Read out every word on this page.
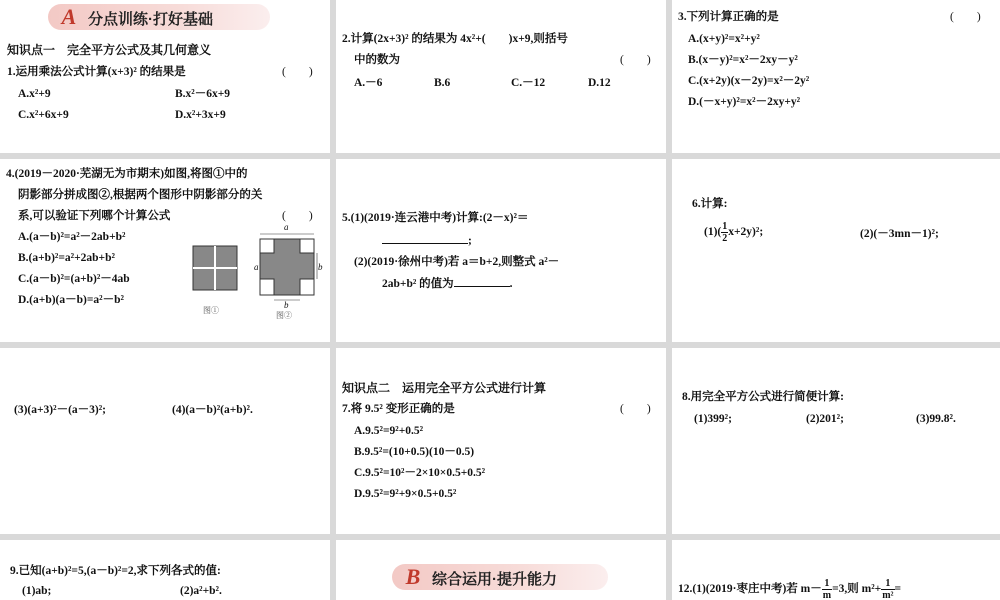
A 分点训练·打好基础
知识点一　完全平方公式及其几何意义
1.运用乘法公式计算(x+3)² 的结果是	(　　)
A.x²+9	B.x²－6x+9
C.x²+6x+9	D.x²+3x+9
2.计算(2x+3)² 的结果为 4x²+(　　)x+9,则括号
中的数为	(　　)
A.－6	B.6	C.－12	D.12
3.下列计算正确的是	(　　)
A.(x+y)²=x²+y²
B.(x－y)²=x²－2xy－y²
C.(x+2y)(x－2y)=x²－2y²
D.(－x+y)²=x²－2xy+y²
4.(2019－2020·芜湖无为市期末)如图,将图①中的
阴影部分拼成图②,根据两个图形中阴影部分的关
系,可以验证下列哪个计算公式	(　　)
A.(a－b)²=a²－2ab+b²
B.(a+b)²=a²+2ab+b²
C.(a－b)²=(a+b)²－4ab
D.(a+b)(a－b)=a²－b²
图①
a
a	b
b
图②
5.(1)(2019·连云港中考)计算:(2－x)²＝
;
(2)(2019·徐州中考)若 a＝b+2,则整式 a²－
2ab+b² 的值为	.
6.计算:
$(1)( \frac{1}{2} x+2y)^2$;	(2)(－3mn－1)²;
(3)(a+3)²－(a－3)²;	(4)(a－b)²(a+b)².
知识点二　运用完全平方公式进行计算
7.将 9.5² 变形正确的是	(　　)
A.9.5²=9²+0.5²
B.9.5²=(10+0.5)(10－0.5)
C.9.5²=10²－2×10×0.5+0.5²
D.9.5²=9²+9×0.5+0.5²
8.用完全平方公式进行简便计算:
(1)399²;	(2)201²;	(3)99.8².
9.已知(a+b)²=5,(a－b)²=2,求下列各式的值:
(1)ab;	(2)a²+b².
B 综合运用·提升能力
12.(1)(2019·枣庄中考)若 $m- \frac{1}{m} =3$,则 $m^2+ \frac{1}{\text{m²}}$ =
